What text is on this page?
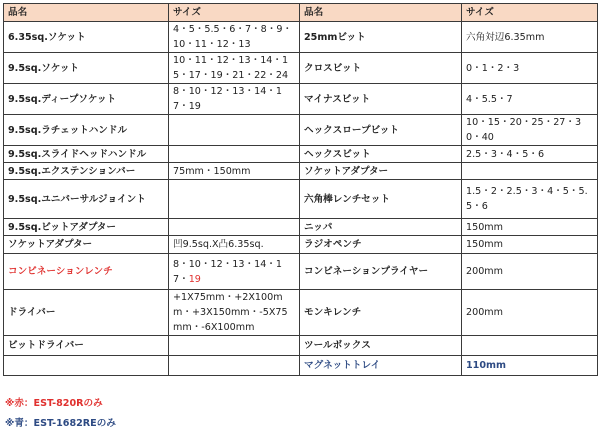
品名	サイズ	品名	サイズ
6.35sq.ソケット	4・5・5.5・6・7・8・9・10・11・12・13	25mmビット	六角対辺6.35mm
9.5sq.ソケット	10・11・12・13・14・15・17・19・21・22・24	クロスビット	0・1・2・3
9.5sq.ディープソケット	8・10・12・13・14・17・19	マイナスビット	4・5.5・7
9.5sq.ラチェットハンドル		ヘックスロープビット	10・15・20・25・27・30・40
9.5sq.スライドヘッドハンドル		ヘックスビット	2.5・3・4・5・6
9.5sq.エクステンションバー	75mm・150mm	ソケットアダプター	
9.5sq.ユニバーサルジョイント		六角棒レンチセット	1.5・2・2.5・3・4・5・5.5・6
9.5sq.ビットアダプター		ニッパ	150mm
ソケットアダプター	凹9.5sq.X凸6.35sq.	ラジオペンチ	150mm
コンビネーションレンチ	8・10・12・13・14・17・19	コンビネーションプライヤー	200mm
ドライバー	+1X75mm・+2X100mm・+3X150mm・-5X75mm・-6X100mm	モンキレンチ	200mm
ビットドライバー		ツールボックス	
		マグネットトレイ	110mm
※赤：EST-820Rのみ
※青：EST-1682REのみ
